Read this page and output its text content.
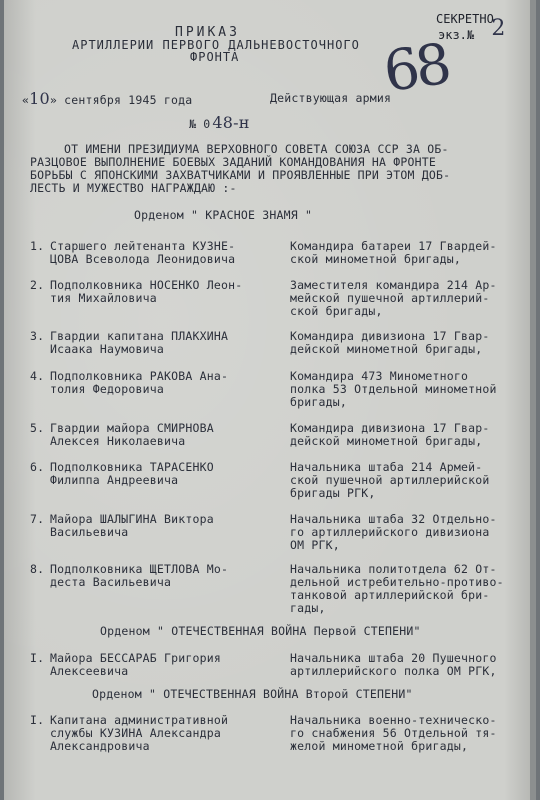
ПРИКАЗ
АРТИЛЛЕРИИ ПЕРВОГО ДАЛЬНЕВОСТОЧНОГО
ФРОНТА
СЕКРЕТНО
экз.№ 2
68
«10» сентября 1945 года	Действующая армия
№ 0 48-н
ОТ ИМЕНИ ПРЕЗИДИУМА ВЕРХОВНОГО СОВЕТА СОЮЗА ССР ЗА ОБ-
РАЗЦОВОЕ ВЫПОЛНЕНИЕ БОЕВЫХ ЗАДАНИЙ КОМАНДОВАНИЯ НА ФРОНТЕ
БОРЬБЫ С ЯПОНСКИМИ ЗАХВАТЧИКАМИ И ПРОЯВЛЕННЫЕ ПРИ ЭТОМ ДОБ-
ЛЕСТЬ И МУЖЕСТВО НАГРАЖДАЮ :-
Орденом " КРАСНОЕ ЗНАМЯ "
1. Старшего лейтенанта КУЗНЕ-
ЦОВА Всеволода Леонидовича
Командира батареи 17 Гвардей-
ской минометной бригады,
2. Подполковника НОСЕНКО Леон-
тия Михайловича
Заместителя командира 214 Ар-
мейской пушечной артиллерий-
ской бригады,
3. Гвардии капитана ПЛАКХИНА
Исаака Наумовича
Командира дивизиона 17 Гвар-
дейской минометной бригады,
4. Подполковника РАКОВА Ана-
толия Федоровича
Командира 473 Минометного
полка 53 Отдельной минометной
бригады,
5. Гвардии майора СМИРНОВА
Алексея Николаевича
Командира дивизиона 17 Гвар-
дейской минометной бригады,
6. Подполковника ТАРАСЕНКО
Филиппа Андреевича
Начальника штаба 214 Армей-
ской пушечной артиллерийской
бригады РГК,
7. Майора ШАЛЫГИНА Виктора
Васильевича
Начальника штаба 32 Отдельно-
го артиллерийского дивизиона
ОМ РГК,
8. Подполковника ЩЕТЛОВА Мо-
деста Васильевича
Начальника политотдела 62 От-
дельной истребительно-противо-
танковой артиллерийской бри-
гады,
Орденом " ОТЕЧЕСТВЕННАЯ ВОЙНА Первой СТЕПЕНИ"
I. Майора БЕССАРАБ Григория
Алексеевича
Начальника штаба 20 Пушечного
артиллерийского полка ОМ РГК,
Орденом " ОТЕЧЕСТВЕННАЯ ВОЙНА Второй СТЕПЕНИ"
I. Капитана административной
службы КУЗИНА Александра
Александровича
Начальника военно-техническо-
го снабжения 56 Отдельной тя-
желой минометной бригады,
